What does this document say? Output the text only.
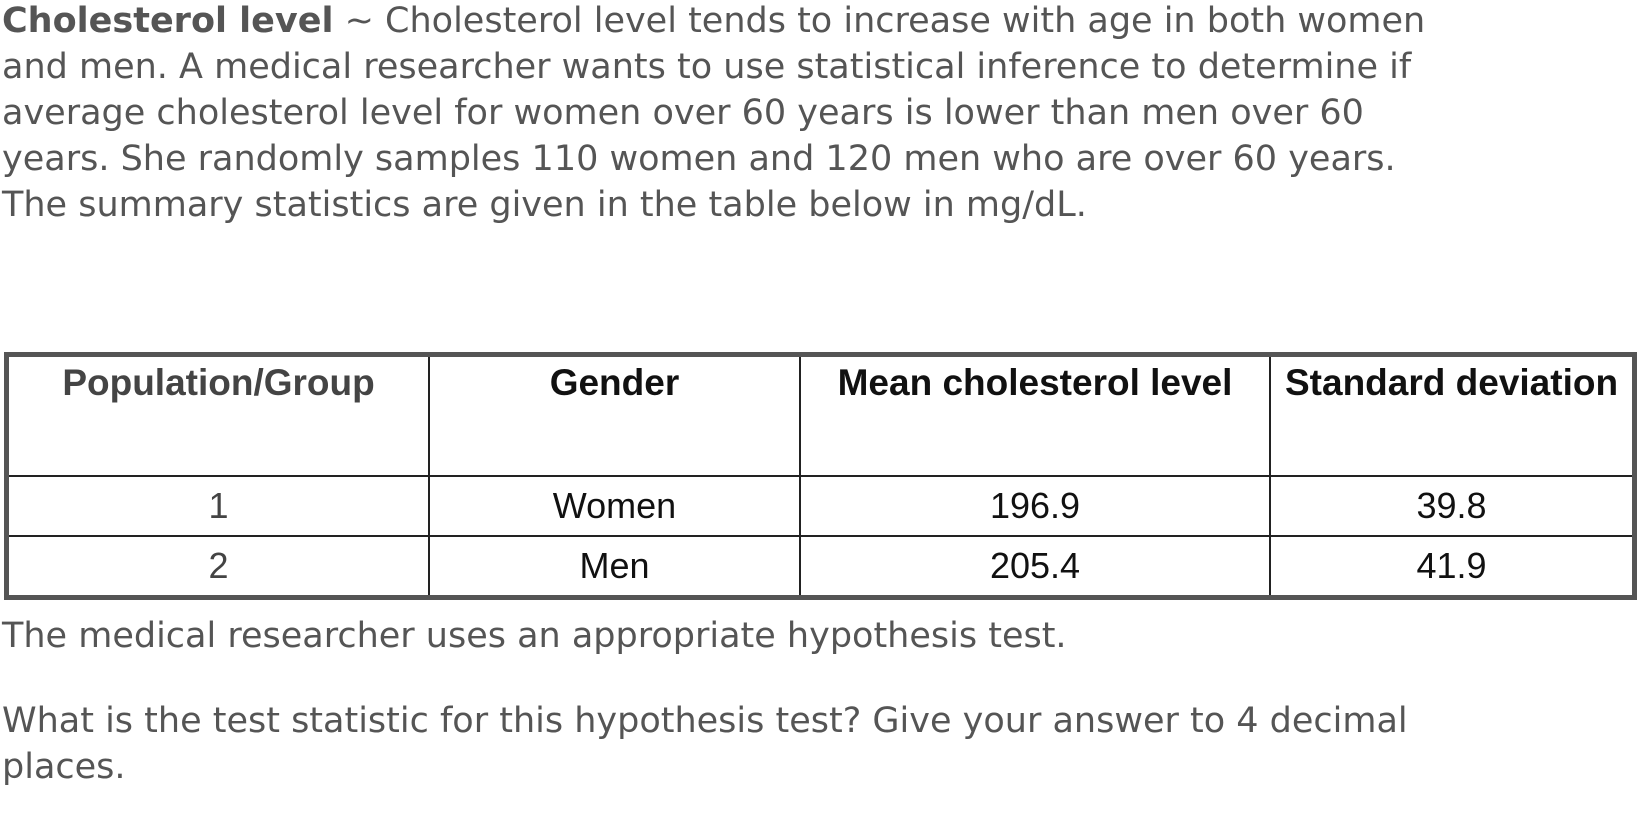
Cholesterol level ~ Cholesterol level tends to increase with age in both women and men. A medical researcher wants to use statistical inference to determine if average cholesterol level for women over 60 years is lower than men over 60 years. She randomly samples 110 women and 120 men who are over 60 years. The summary statistics are given in the table below in mg/dL.
Population/Group	Gender	Mean cholesterol level	Standard deviation
1	Women	196.9	39.8
2	Men	205.4	41.9
The medical researcher uses an appropriate hypothesis test.
What is the test statistic for this hypothesis test? Give your answer to 4 decimal places.
